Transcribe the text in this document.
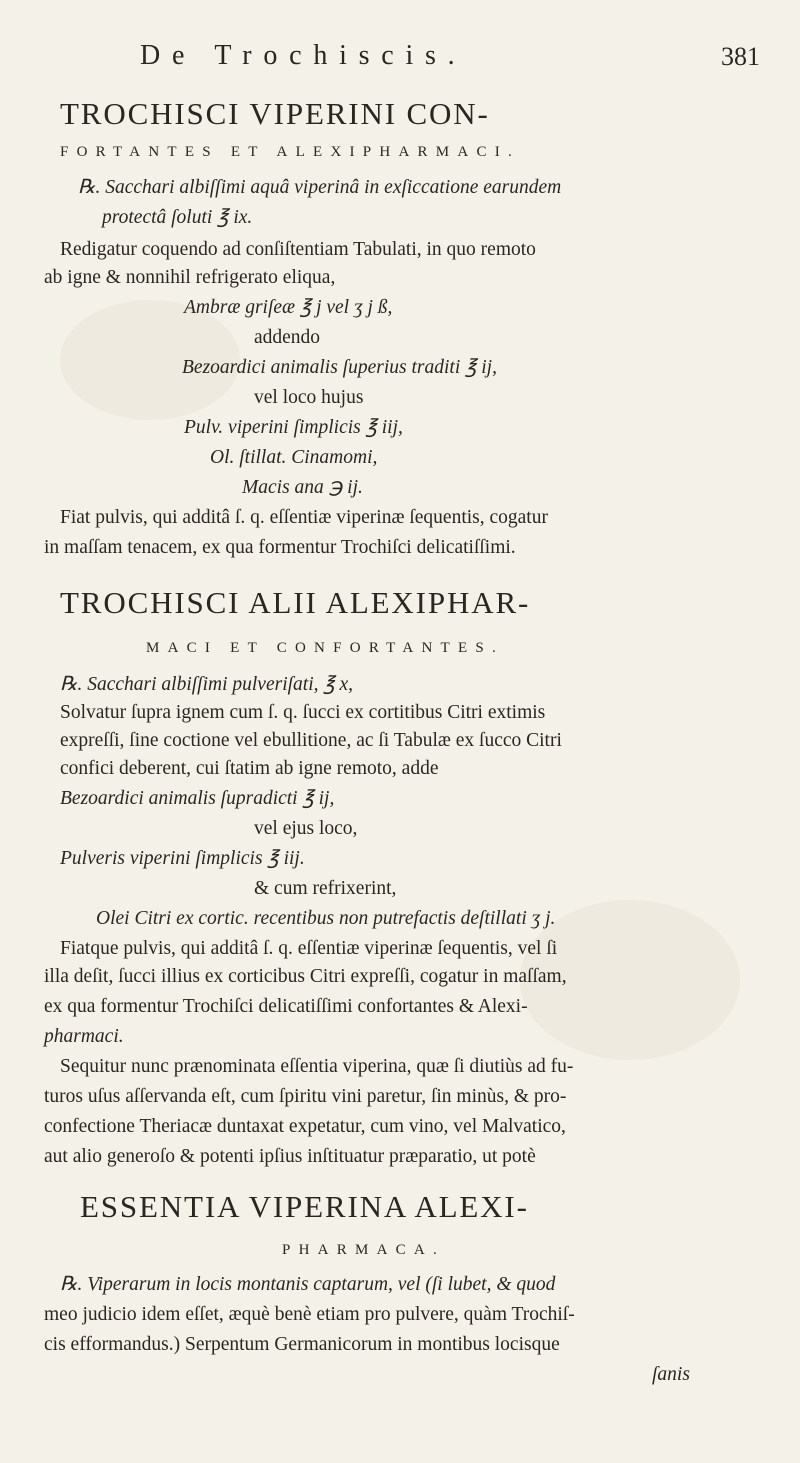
De Trochiscis.	381
TROCHISCI VIPERINI CON-
FORTANTES ET ALEXIPHARMACI.
℞. Sacchari albiſſimi aquâ viperinâ in exſiccatione earundem
protectâ ſoluti ℥ ix.
Redigatur coquendo ad conſiſtentiam Tabulati, in quo remoto
ab igne & nonnihil refrigerato eliqua,
Ambræ griſeæ ℥ j vel ʒ j ß,
addendo
Bezoardici animalis ſuperius traditi ℥ ij,
vel loco hujus
Pulv. viperini ſimplicis ℥ iij,
Ol. ſtillat. Cinamomi,
Macis ana ℈ ij.
Fiat pulvis, qui additâ ſ. q. eſſentiæ viperinæ ſequentis, cogatur
in maſſam tenacem, ex qua formentur Trochiſci delicatiſſimi.
TROCHISCI ALII ALEXIPHAR-
MACI ET CONFORTANTES.
℞. Sacchari albiſſimi pulveriſati, ℥ x,
Solvatur ſupra ignem cum ſ. q. ſucci ex cortitibus Citri extimis
expreſſi, ſine coctione vel ebullitione, ac ſi Tabulæ ex ſucco Citri
confici deberent, cui ſtatim ab igne remoto, adde
Bezoardici animalis ſupradicti ℥ ij,
vel ejus loco,
Pulveris viperini ſimplicis ℥ iij.
& cum refrixerint,
Olei Citri ex cortic. recentibus non putrefactis deſtillati ʒ j.
Fiatque pulvis, qui additâ ſ. q. eſſentiæ viperinæ ſequentis, vel ſi
illa deſit, ſucci illius ex corticibus Citri expreſſi, cogatur in maſſam,
ex qua formentur Trochiſci delicatiſſimi confortantes & Alexi-
pharmaci.
Sequitur nunc prænominata eſſentia viperina, quæ ſi diutiùs ad fu-
turos uſus aſſervanda eſt, cum ſpiritu vini paretur, ſin minùs, & pro-
confectione Theriacæ duntaxat expetatur, cum vino, vel Malvatico,
aut alio generoſo & potenti ipſius inſtituatur præparatio, ut potè
ESSENTIA VIPERINA ALEXI-
PHARMACA.
℞. Viperarum in locis montanis captarum, vel (ſi lubet, & quod
meo judicio idem eſſet, æquè benè etiam pro pulvere, quàm Trochiſ-
cis efformandus.) Serpentum Germanicorum in montibus locisque
ſanis
